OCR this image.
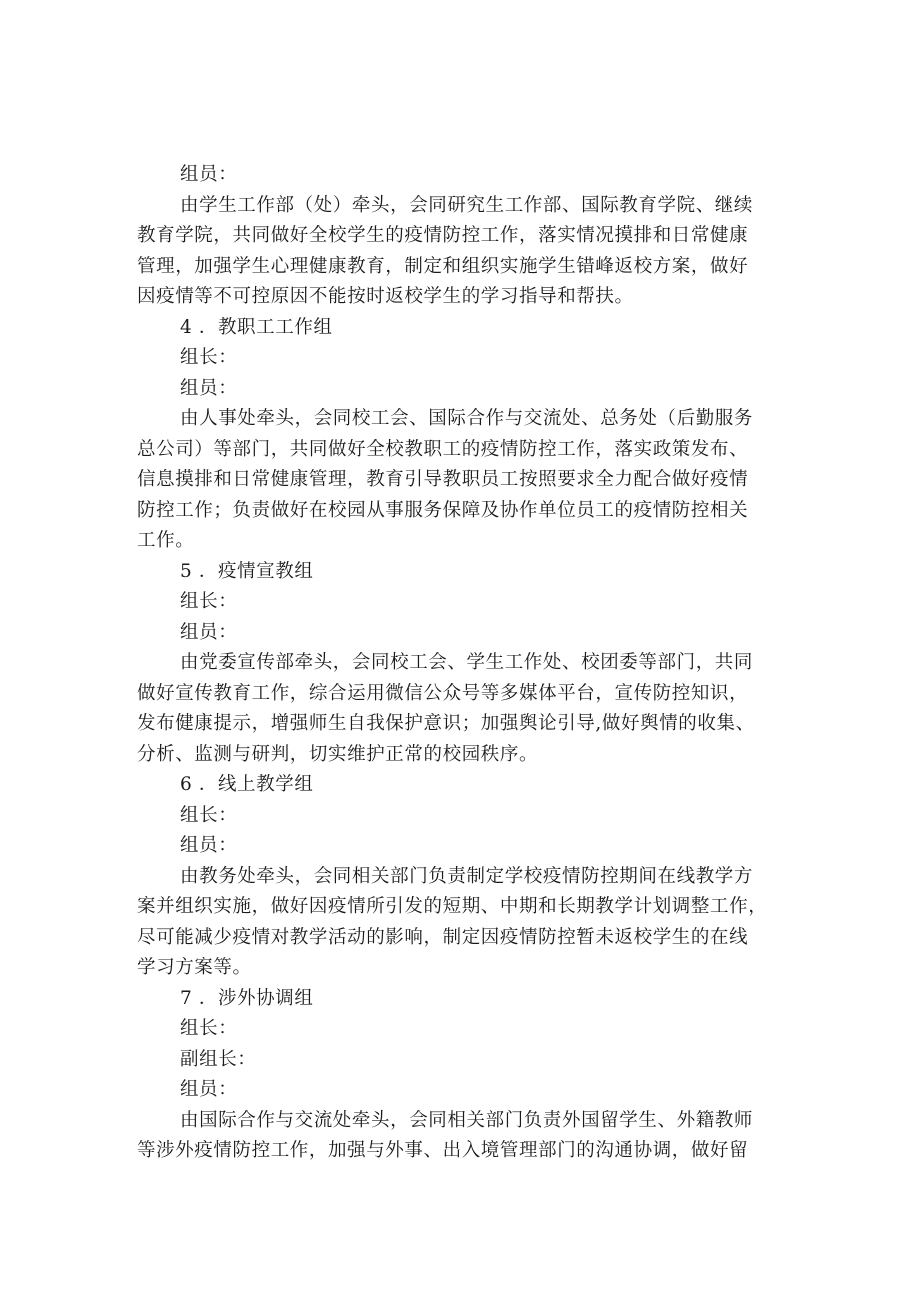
组员：
由学生工作部（处）牵头，会同研究生工作部、国际教育学院、继续
教育学院，共同做好全校学生的疫情防控工作，落实情况摸排和日常健康
管理，加强学生心理健康教育，制定和组织实施学生错峰返校方案，做好
因疫情等不可控原因不能按时返校学生的学习指导和帮扶。
4 ．教职工工作组
组长：
组员：
由人事处牵头，会同校工会、国际合作与交流处、总务处（后勤服务
总公司）等部门，共同做好全校教职工的疫情防控工作，落实政策发布、
信息摸排和日常健康管理，教育引导教职员工按照要求全力配合做好疫情
防控工作；负责做好在校园从事服务保障及协作单位员工的疫情防控相关
工作。
5 ．疫情宣教组
组长：
组员：
由党委宣传部牵头，会同校工会、学生工作处、校团委等部门，共同
做好宣传教育工作，综合运用微信公众号等多媒体平台，宣传防控知识，
发布健康提示，增强师生自我保护意识；加强舆论引导,做好舆情的收集、
分析、监测与研判，切实维护正常的校园秩序。
6 ．线上教学组
组长：
组员：
由教务处牵头，会同相关部门负责制定学校疫情防控期间在线教学方
案并组织实施，做好因疫情所引发的短期、中期和长期教学计划调整工作，
尽可能减少疫情对教学活动的影响，制定因疫情防控暂未返校学生的在线
学习方案等。
7 ．涉外协调组
组长：
副组长：
组员：
由国际合作与交流处牵头，会同相关部门负责外国留学生、外籍教师
等涉外疫情防控工作，加强与外事、出入境管理部门的沟通协调，做好留
